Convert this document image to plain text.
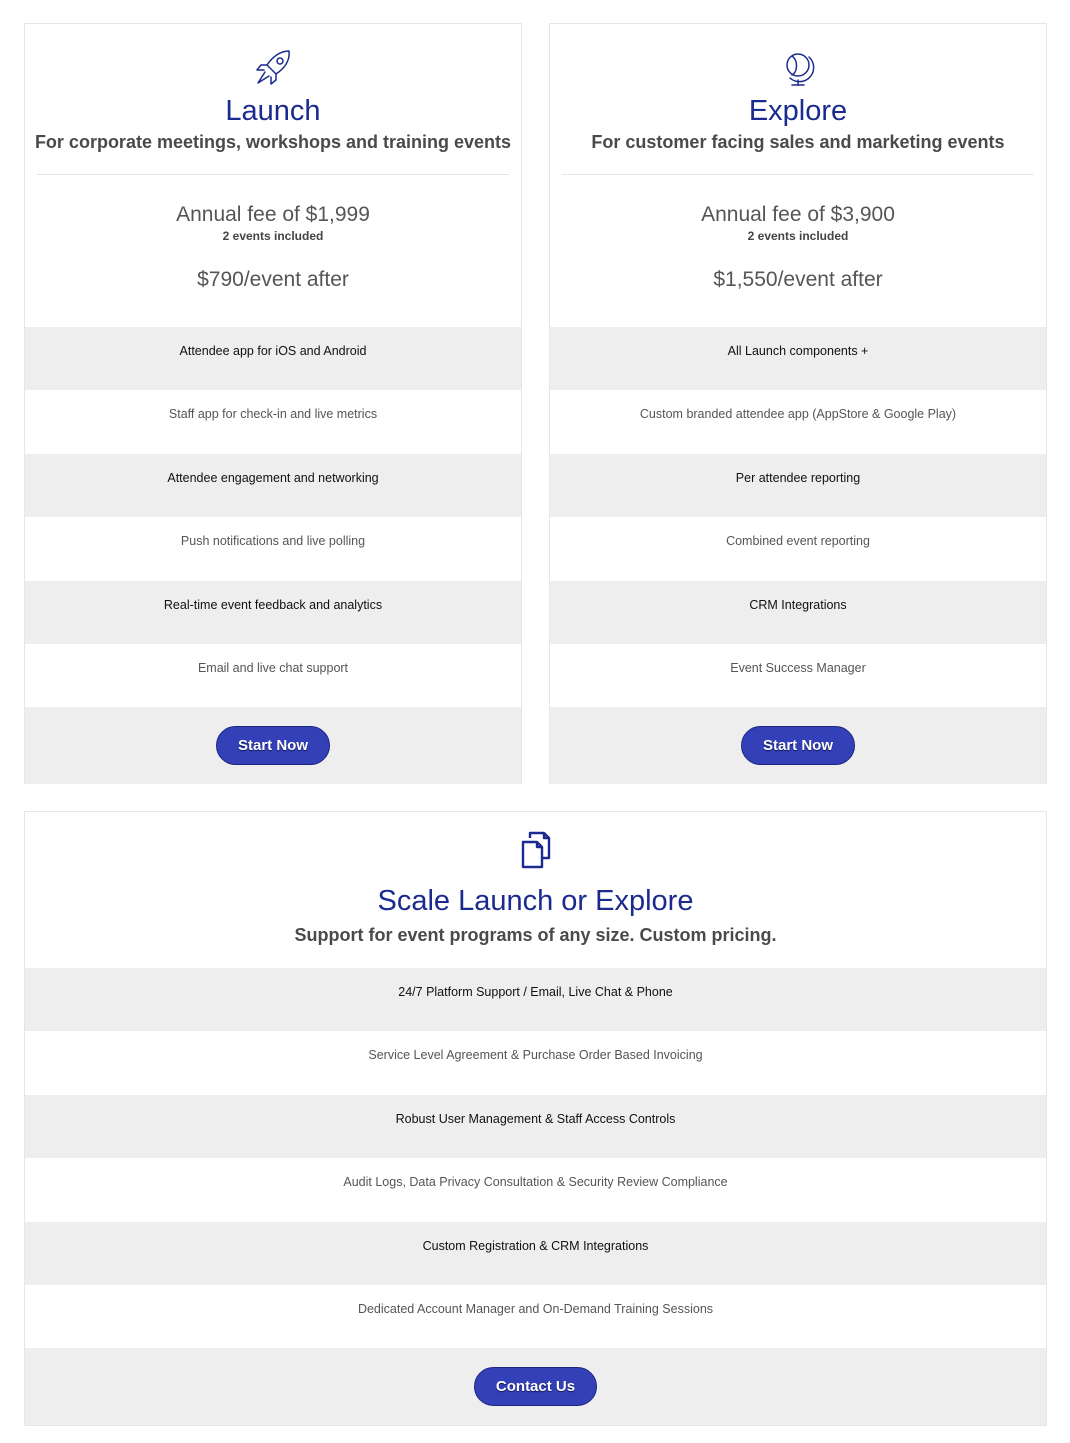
Launch
For corporate meetings, workshops and training events
Annual fee of $1,999
2 events included
$790/event after
Attendee app for iOS and Android
Staff app for check-in and live metrics
Attendee engagement and networking
Push notifications and live polling
Real-time event feedback and analytics
Email and live chat support
Start Now
Explore
For customer facing sales and marketing events
Annual fee of $3,900
2 events included
$1,550/event after
All Launch components +
Custom branded attendee app (AppStore & Google Play)
Per attendee reporting
Combined event reporting
CRM Integrations
Event Success Manager
Start Now
Scale Launch or Explore
Support for event programs of any size. Custom pricing.
24/7 Platform Support / Email, Live Chat & Phone
Service Level Agreement & Purchase Order Based Invoicing
Robust User Management & Staff Access Controls
Audit Logs, Data Privacy Consultation & Security Review Compliance
Custom Registration & CRM Integrations
Dedicated Account Manager and On-Demand Training Sessions
Contact Us
